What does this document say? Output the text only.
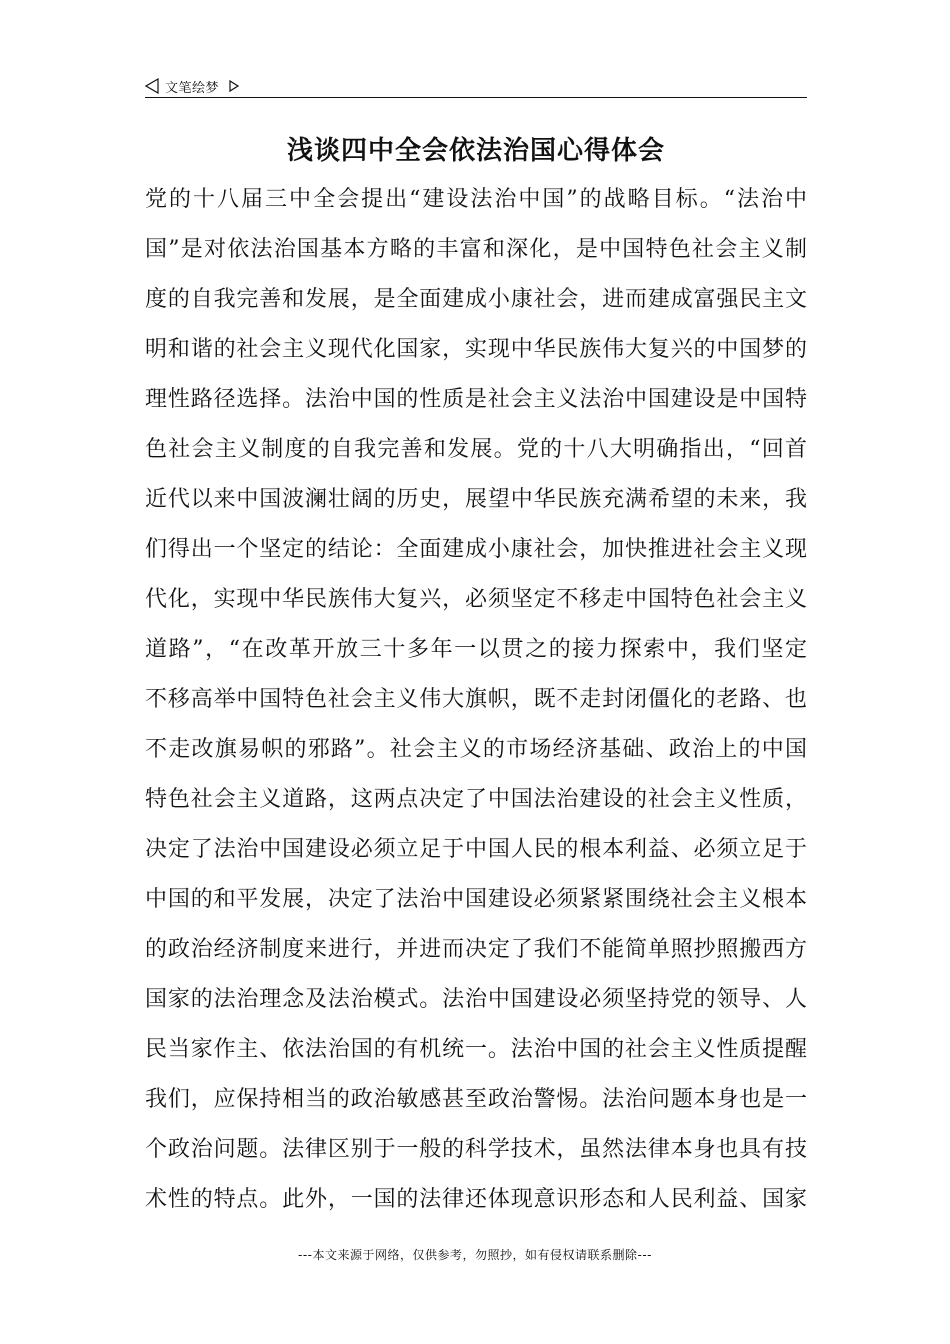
文笔绘梦
浅谈四中全会依法治国心得体会
党的十八届三中全会提出“建设法治中国”的战略目标。“法治中
国”是对依法治国基本方略的丰富和深化，是中国特色社会主义制
度的自我完善和发展，是全面建成小康社会，进而建成富强民主文
明和谐的社会主义现代化国家，实现中华民族伟大复兴的中国梦的
理性路径选择。法治中国的性质是社会主义法治中国建设是中国特
色社会主义制度的自我完善和发展。党的十八大明确指出，“回首
近代以来中国波澜壮阔的历史，展望中华民族充满希望的未来，我
们得出一个坚定的结论：全面建成小康社会，加快推进社会主义现
代化，实现中华民族伟大复兴，必须坚定不移走中国特色社会主义
道路”，“在改革开放三十多年一以贯之的接力探索中，我们坚定
不移高举中国特色社会主义伟大旗帜，既不走封闭僵化的老路、也
不走改旗易帜的邪路”。社会主义的市场经济基础、政治上的中国
特色社会主义道路，这两点决定了中国法治建设的社会主义性质，
决定了法治中国建设必须立足于中国人民的根本利益、必须立足于
中国的和平发展，决定了法治中国建设必须紧紧围绕社会主义根本
的政治经济制度来进行，并进而决定了我们不能简单照抄照搬西方
国家的法治理念及法治模式。法治中国建设必须坚持党的领导、人
民当家作主、依法治国的有机统一。法治中国的社会主义性质提醒
我们，应保持相当的政治敏感甚至政治警惕。法治问题本身也是一
个政治问题。法律区别于一般的科学技术，虽然法律本身也具有技
术性的特点。此外，一国的法律还体现意识形态和人民利益、国家
---本文来源于网络，仅供参考，勿照抄，如有侵权请联系删除---
